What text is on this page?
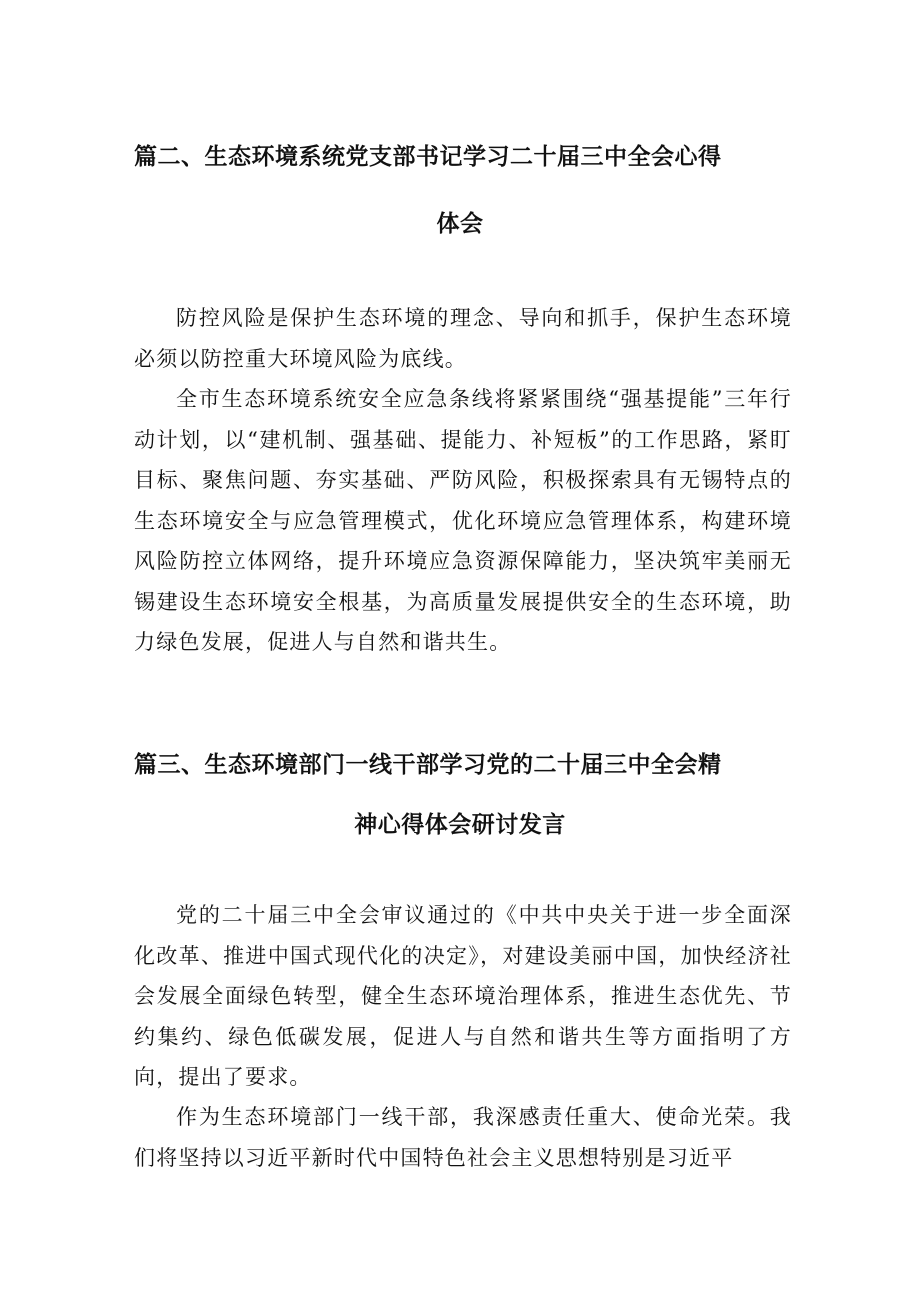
篇二、生态环境系统党支部书记学习二十届三中全会心得
体会

防控风险是保护生态环境的理念、导向和抓手，保护生态环境必须以防控重大环境风险为底线。

全市生态环境系统安全应急条线将紧紧围绕“强基提能”三年行动计划，以“建机制、强基础、提能力、补短板”的工作思路，紧盯目标、聚焦问题、夯实基础、严防风险，积极探索具有无锡特点的生态环境安全与应急管理模式，优化环境应急管理体系，构建环境风险防控立体网络，提升环境应急资源保障能力，坚决筑牢美丽无锡建设生态环境安全根基，为高质量发展提供安全的生态环境，助力绿色发展，促进人与自然和谐共生。

篇三、生态环境部门一线干部学习党的二十届三中全会精
神心得体会研讨发言

党的二十届三中全会审议通过的《中共中央关于进一步全面深化改革、推进中国式现代化的决定》，对建设美丽中国，加快经济社会发展全面绿色转型，健全生态环境治理体系，推进生态优先、节约集约、绿色低碳发展，促进人与自然和谐共生等方面指明了方向，提出了要求。

作为生态环境部门一线干部，我深感责任重大、使命光荣。我们将坚持以习近平新时代中国特色社会主义思想特别是习近平
